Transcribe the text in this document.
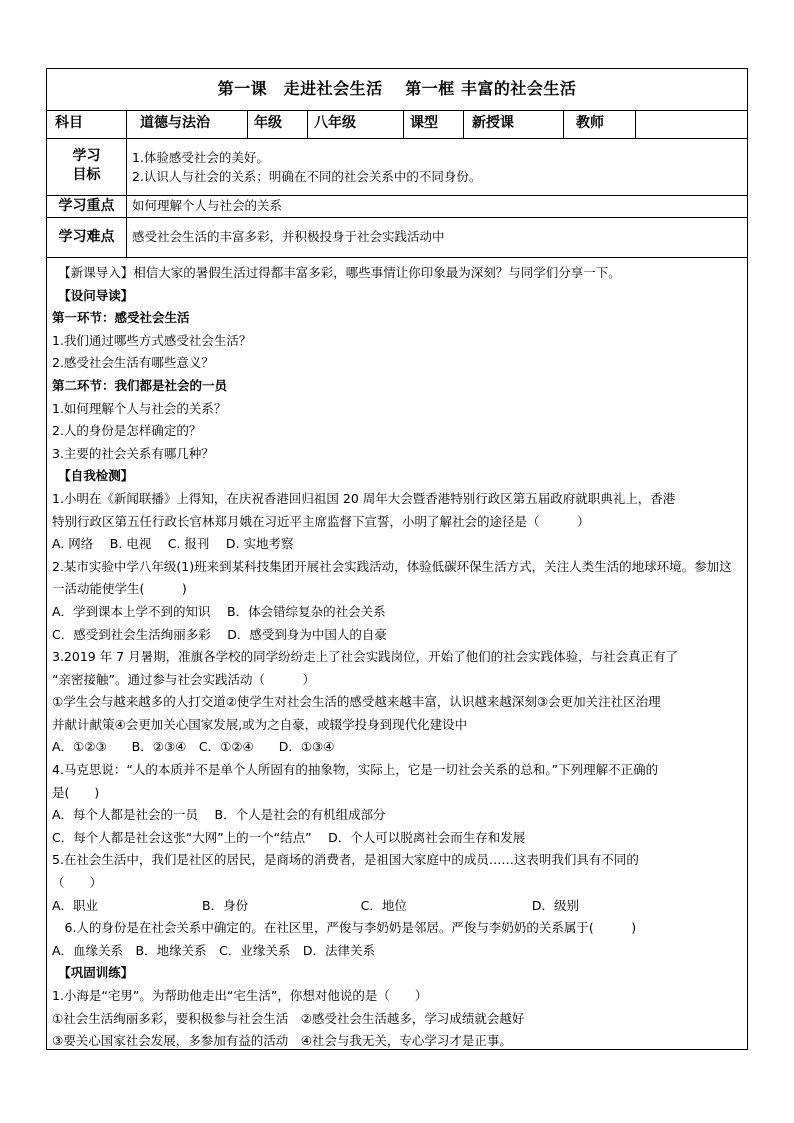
第一课　走进社会生活　 第一框 丰富的社会生活
科目	道德与法治	年级	八年级	课型	新授课	教师
学习
目标
1.体验感受社会的美好。
2.认识人与社会的关系；明确在不同的社会关系中的不同身份。
学习重点	如何理解个人与社会的关系
学习难点	感受社会生活的丰富多彩，并积极投身于社会实践活动中
　【新课导入】相信大家的暑假生活过得都丰富多彩，哪些事情让你印象最为深刻？与同学们分享一下。
　【设问导读】
第一环节：感受社会生活
1.我们通过哪些方式感受社会生活？
2.感受社会生活有哪些意义？
第二环节：我们都是社会的一员
1.如何理解个人与社会的关系？
2.人的身份是怎样确定的？
3.主要的社会关系有哪几种？
　【自我检测】
1.小明在《新闻联播》上得知，在庆祝香港回归祖国 20 周年大会暨香港特别行政区第五届政府就职典礼上，香港
特别行政区第五任行政长官林郑月娥在习近平主席监督下宣誓，小明了解社会的途径是（　　　）
A. 网络　 B. 电视　 C. 报刊　 D. 实地考察
2.某市实验中学八年级(1)班来到某科技集团开展社会实践活动，体验低碳环保生活方式，关注人类生活的地球环境。参加这一活动能使学生(　　　)
A．学到课本上学不到的知识　 B．体会错综复杂的社会关系
C．感受到社会生活绚丽多彩　 D．感受到身为中国人的自豪
3.2019 年 7 月暑期，准旗各学校的同学纷纷走上了社会实践岗位，开始了他们的社会实践体验，与社会真正有了
“亲密接触”。通过参与社会实践活动（　　　）
①学生会与越来越多的人打交道②使学生对社会生活的感受越来越丰富，认识越来越深刻③会更加关注社区治理
并献计献策④会更加关心国家发展,或为之自豪，或辍学投身到现代化建设中
A．①②③　　B．②③④　C．①②④　　D．①③④
4.马克思说：“人的本质并不是单个人所固有的抽象物，实际上，它是一切社会关系的总和。”下列理解不正确的
是(　　)
A．每个人都是社会的一员　 B．个人是社会的有机组成部分
C．每个人都是社会这张“大网”上的一个“结点”　 D．个人可以脱离社会而生存和发展
5.在社会生活中，我们是社区的居民，是商场的消费者，是祖国大家庭中的成员……这表明我们具有不同的
（　　）
A．职业　　　　　　　　 B．身份　　　　　　　　　C．地位　　　　　　　　　　D．级别
　6.人的身份是在社会关系中确定的。在社区里，严俊与李奶奶是邻居。严俊与李奶奶的关系属于(　　　)
A．血缘关系　B．地缘关系　C．业缘关系　D．法律关系
　【巩固训练】
1.小海是“宅男”。为帮助他走出“宅生活”，你想对他说的是（　　）
①社会生活绚丽多彩，要积极参与社会生活　②感受社会生活越多，学习成绩就会越好
③要关心国家社会发展，多参加有益的活动　④社会与我无关，专心学习才是正事。
